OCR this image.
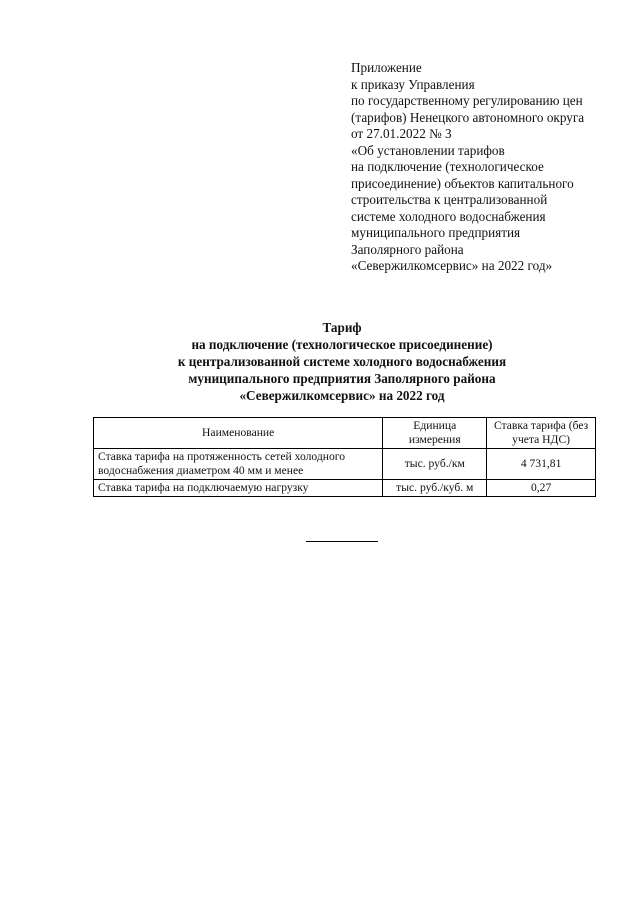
Приложение
к приказу Управления
по государственному регулированию цен
(тарифов) Ненецкого автономного округа
от 27.01.2022 № 3
«Об установлении тарифов
на подключение (технологическое
присоединение) объектов капитального
строительства к централизованной
системе холодного водоснабжения
муниципального предприятия
Заполярного района
«Севержилкомсервис» на 2022 год»
Тариф
на подключение (технологическое присоединение)
к централизованной системе холодного водоснабжения
муниципального предприятия Заполярного района
«Севержилкомсервис» на 2022 год
Наименование	Единица измерения	Ставка тарифа (без учета НДС)
Ставка тарифа на протяженность сетей холодного водоснабжения диаметром 40 мм и менее	тыс. руб./км	4 731,81
Ставка тарифа на подключаемую нагрузку	тыс. руб./куб. м	0,27
